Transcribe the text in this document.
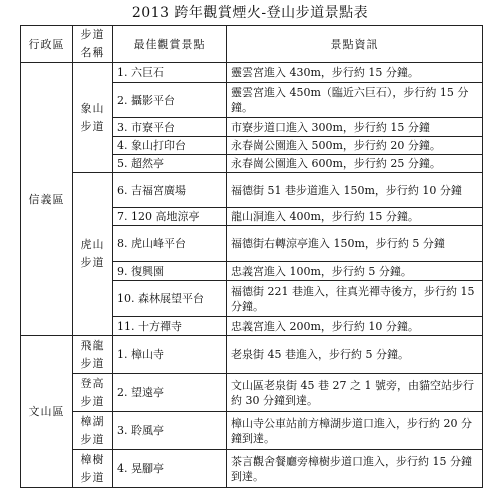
2013 跨年觀賞煙火-登山步道景點表
行政區	步道名稱	最佳觀賞景點	景點資訊
信義區	象山步道	1. 六巨石	靈雲宮進入 430m，步行約 15 分鐘。
		2. 攝影平台	靈雲宮進入 450m（臨近六巨石），步行約 15 分鐘。
		3. 市寮平台	市寮步道口進入 300m，步行約 15 分鐘
		4. 象山打印台	永春崗公園進入 500m，步行約 20 分鐘。
		5. 超然亭	永春崗公園進入 600m，步行約 25 分鐘。
	虎山步道	6. 吉福宮廣場	福德街 51 巷步道進入 150m，步行約 10 分鐘
		7. 120 高地涼亭	龍山洞進入 400m，步行約 15 分鐘。
		8. 虎山峰平台	福德街右轉涼亭進入 150m，步行約 5 分鐘
		9. 復興園	忠義宮進入 100m，步行約 5 分鐘。
		10. 森林展望平台	福德街 221 巷進入，往真光禪寺後方，步行約 15 分鐘。
		11. 十方禪寺	忠義宮進入 200m，步行約 10 分鐘。
文山區	飛龍步道	1. 樟山寺	老泉街 45 巷進入，步行約 5 分鐘。
	登高步道	2. 望遠亭	文山區老泉街 45 巷 27 之 1 號旁，由貓空站步行約 30 分鐘到達。
	樟湖步道	3. 聆風亭	樟山寺公車站前方樟湖步道口進入，步行約 20 分鐘到達。
	樟樹步道	4. 晃腳亭	茶言觀舍餐廳旁樟樹步道口進入，步行約 15 分鐘到達。
